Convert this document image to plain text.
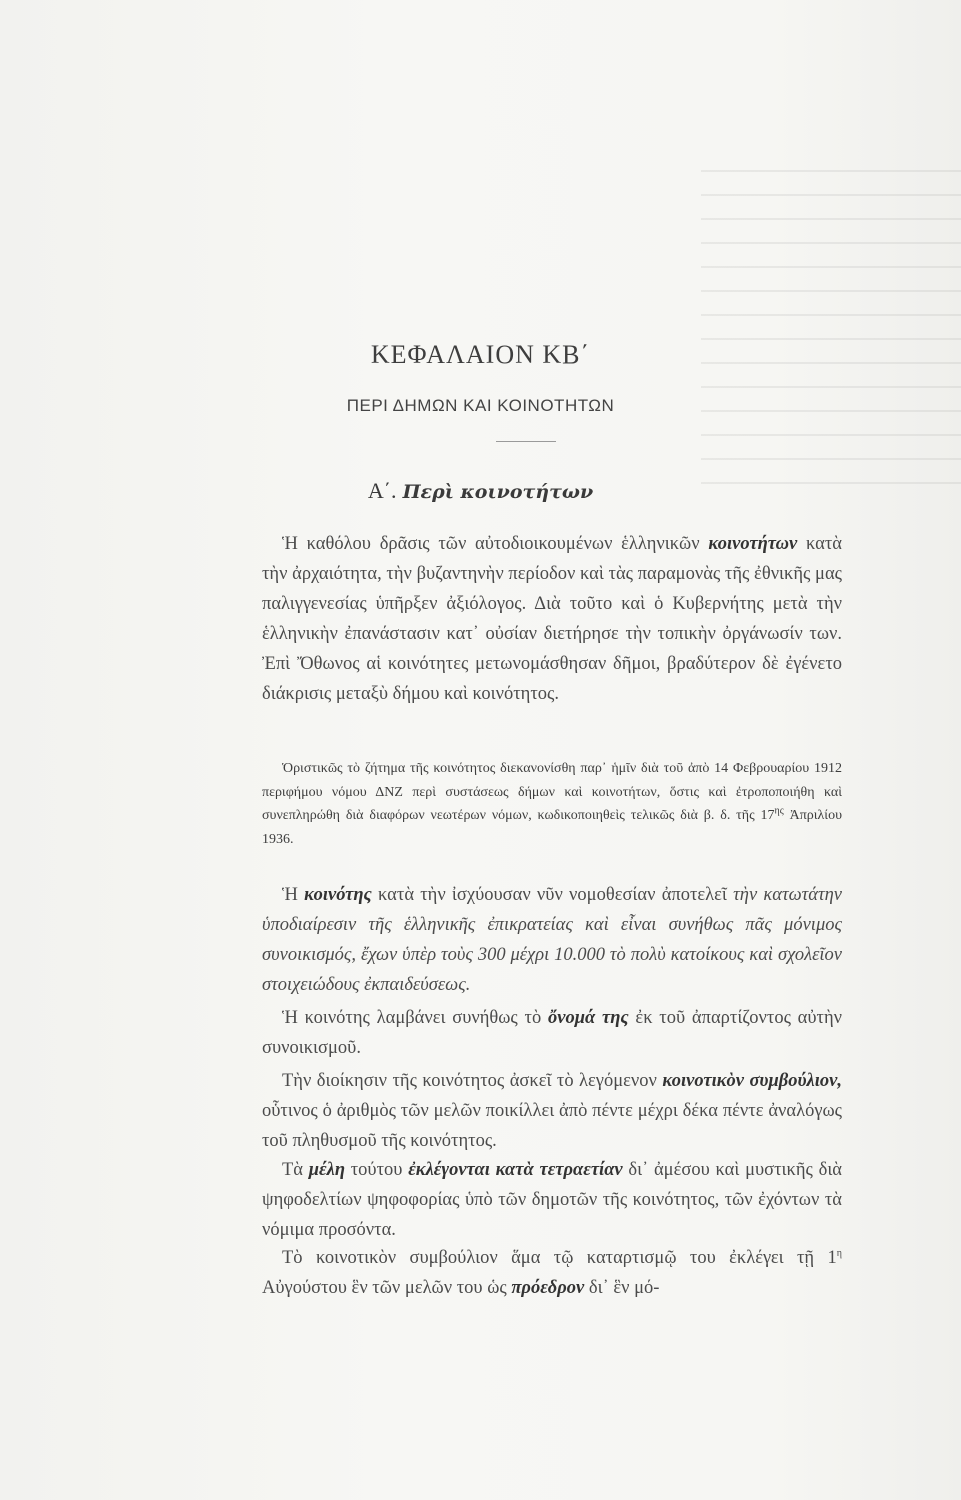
ΚΕΦΑΛΑΙΟΝ ΚΒ΄
ΠΕΡΙ ΔΗΜΩΝ ΚΑΙ ΚΟΙΝΟΤΗΤΩΝ
Α΄. Περὶ κοινοτήτων

Ἡ καθόλου δρᾶσις τῶν αὐτοδιοικουμένων ἑλληνικῶν κοινοτήτων κατὰ τὴν ἀρχαιότητα, τὴν βυζαντηνὴν περίοδον καὶ τὰς παραμονὰς τῆς ἐθνικῆς μας παλιγγενεσίας ὑπῆρξεν ἀξιόλογος. Διὰ τοῦτο καὶ ὁ Κυβερνήτης μετὰ τὴν ἑλληνικὴν ἐπανάστασιν κατ᾽ οὐσίαν διετήρησε τὴν τοπικὴν ὀργάνωσίν των. Ἐπὶ Ὄθωνος αἱ κοινότητες μετωνομάσθησαν δῆμοι, βραδύτερον δὲ ἐγένετο διάκρισις μεταξὺ δήμου καὶ κοινότητος.

Ὁριστικῶς τὸ ζήτημα τῆς κοινότητος διεκανονίσθη παρ᾽ ἡμῖν διὰ τοῦ ἀπὸ 14 Φεβρουαρίου 1912 περιφήμου νόμου ΔΝΖ περὶ συστάσεως δήμων καὶ κοινοτήτων, ὅστις καὶ ἐτροποποιήθη καὶ συνεπληρώθη διὰ διαφόρων νεωτέρων νόμων, κωδικοποιηθεὶς τελικῶς διὰ β. δ. τῆς $17^{\eta\varsigma}$ Ἀπριλίου 1936.

Ἡ κοινότης κατὰ τὴν ἰσχύουσαν νῦν νομοθεσίαν ἀποτελεῖ τὴν κατωτάτην ὑποδιαίρεσιν τῆς ἑλληνικῆς ἐπικρατείας καὶ εἶναι συνήθως πᾶς μόνιμος συνοικισμός, ἔχων ὑπὲρ τοὺς 300 μέχρι 10.000 τὸ πολὺ κατοίκους καὶ σχολεῖον στοιχειώδους ἐκπαιδεύσεως.

Ἡ κοινότης λαμβάνει συνήθως τὸ ὄνομά της ἐκ τοῦ ἀπαρτίζοντος αὐτὴν συνοικισμοῦ.

Τὴν διοίκησιν τῆς κοινότητος ἀσκεῖ τὸ λεγόμενον κοινοτικὸν συμβούλιον, οὗτινος ὁ ἀριθμὸς τῶν μελῶν ποικίλλει ἀπὸ πέντε μέχρι δέκα πέντε ἀναλόγως τοῦ πληθυσμοῦ τῆς κοινότητος.

Τὰ μέλη τούτου ἐκλέγονται κατὰ τετραετίαν δι᾽ ἀμέσου καὶ μυστικῆς διὰ ψηφοδελτίων ψηφοφορίας ὑπὸ τῶν δημοτῶν τῆς κοινότητος, τῶν ἐχόντων τὰ νόμιμα προσόντα.

Τὸ κοινοτικὸν συμβούλιον ἅμα τῷ καταρτισμῷ του ἐκλέγει τῇ $1^\eta$ Αὐγούστου ἓν τῶν μελῶν του ὡς πρόεδρον δι᾽ ἓν μό-
